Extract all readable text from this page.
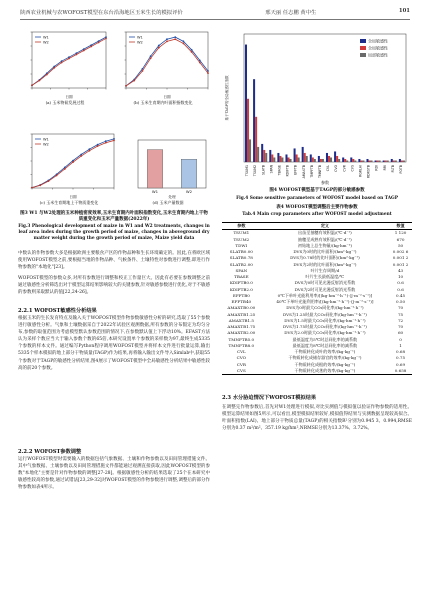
陕西农业机械与农WOFOST模型在东台沿海地区玉米生长的模拟评价	邢天丽 任志鹏 黄中生	101
W1
W2
日期
(a) 玉米物候发展过程
W1
W2
日期
(b) 玉米生育期内叶面积指数变化
W1
W2
日期
(c) 玉米生育期地上干物质重变化
W1	W2
处理
(d) 玉米产量数据
图3 W1 与W2处理的玉米种植密度效率,玉米生育期内叶面积指数变化,玉米生育期内地上干物质重变化和玉米产量数据(2022年)
Fig.3 Phenological development of maize in W1 and W2 treatments, changes in leaf area index during the growth period of maize, changes in aboveground dry matter weight during the growth period of maize, Maize yield data
中数认的作物参数大多是根据欧洲主要粮食产区的作物品种和生长环境确定的。因此,在将欧区域使用WOFOST模型之前,要根据当地的作物品种、气候条件、土壤特性对参数进行调整,即进行作物参数的"本地化"[23]。
WOFOST模型的参数众多,对所有参数进行调整和校正工作量巨大。因此有必要在参数调整之前通过敏感性分析筛选出对于模型运算结果影响较大的关键参数,针对敏感参数进行优化,对于不敏感的参数则采取默认的值[22,24-26]。
2.2.1 WOFOST敏感性分析结果
根据玉米的生长发育特点及输入关于WOFOST模型作物参数敏感性分析的研究,选取了55个参数进行敏感性分析。气象和土壤数据采自于2022年试验区观测数据,所有参数的分布假定为均匀分布,参数的取值范围为考虑模型默认参数范围的情况下,在参数默认值上下浮动10%。EFAST方法认为采样个数应当大于输入参数个数的65倍,本研究设置单个参数的采样数为97,最终生成5335个参数的样本文件。通过编写Python程序调用WOFOST模型并将样本文件进行批量运算,输出5335个样本模拟的地上部分干物质量(TAGP)作为结果,再将输入输出文件导入Simlab中,获取55个参数对于TAGP的敏感性分析结果,图4展示了WOFOST模型中全局敏感性分析结果中敏感性较高的前20个参数。
2.2.2 WOFOST参数调整
运行WOFOST模型时需要输入的数据包括气象数据、土壤和作物参数以及田间管理措施文件。其中气象数据、土壤参数以及田间管理措施文件都能通过观测直接获取,因此WOFOST模型的参数"本地化"主要是针对作物参数的调整[27-28]。根据敏感性分析的结果选取了25个在本研究中敏感性较高的参数,通过试错法[23,29-32]对WOFOST模型的作物参数进行调整,调整后的部分作物参数如表4所示。
TSUM1 TSUM2 SLATB SPAN TBASE KDIFTB EFFTB AMAXTB TMPFTB TMNFTB CVL CVO CVR CVS RGRLAI RDRSTB RDI RRI FLTB FOTB
全局敏感性
全局敏感性
局部敏感性
参数
基于TAGP的全局敏感性指数
图4 WOFOST模型基于TAGP的部分敏感参数
Fig.4 Some sensitive parameters of WOFOST model based on TAGP
表4 WOFOST模型调整后主要作物参数
Tab.4 Main crop parameters after WOFOST model adjustment
参数	定义	数值
TSUM1	出苗至抽穗有效积温/(℃·d⁻¹)	1 120
TSUM2	抽穗至成熟有效积温/(℃·d⁻¹)	670
TDWI	初始地上总生物量/(kg·hm⁻²)	50
SLATB0.00	DVS为0时的比叶面积/(hm²·kg⁻¹)	0.002 6
SLATB0.78	DVS为0.78时的比叶面积/(hm²·kg⁻¹)	0.001 2
SLATB2.00	DVS为2时的比叶面积/(hm²·kg⁻¹)	0.001 2
SPAN	叶片生存周期/d	43
TBASE	叶片生长最低温度/℃	10
KDIFTB0.0	DVS为0时可见光漫反射消光系数	0.6
KDIFTB2.0	DVS为2时可见光漫反射消光系数	0.6
EFFTB0	0℃下单叶光能利用率/[(kg·hm⁻²·h⁻¹)·(J·m⁻²·s⁻¹)]	0.45
EFFTB40	40℃下单叶光能利用率/[(kg·hm⁻²·h⁻¹)·(J·m⁻²·s⁻¹)]	0.50
AMAXTB0.00	DVS为0时最大CO₂同化率/(kg·hm⁻²·h⁻¹)	70
AMAXTB1.25	DVS为1.25时最大CO₂同化率/(kg·hm⁻²·h⁻¹)	75
AMAXTB1.5	DVS为1.5时最大CO₂同化率/(kg·hm⁻²·h⁻¹)	72
AMAXTB1.75	DVS为1.75时最大CO₂同化率/(kg·hm⁻²·h⁻¹)	70
AMAXTB2.00	DVS为2.0时最大CO₂同化率/(kg·hm⁻²·h⁻¹)	60
TMNFTB5.0	最低温度为5℃时总同化率的减系数	0
TMNFTB8.0	最低温度为8℃时总同化率的减系数	1
CVL	干物质转化成叶的效率/(kg·kg⁻¹)	0.68
CVO	干物质转化成储存器官的效率/(kg·kg⁻¹)	0.75
CVR	干物质转化成根的效率/(kg·kg⁻¹)	0.69
CVS	干物质转化成茎的效率/(kg·kg⁻¹)	0.658
2.3 水分胁迫情况下WOFOST模拟结果
在调整完作物参数后,首先对W1处理进行模拟,对比实测值与模拟值以验证作物参数的适用性。模型运算结果如图5所示,可以看出,模型模拟结果较好,模拟值得结果与实测数据呈现较高拟合。叶面积指数(LAI)、地上部分干物质总量(TAGP)的相关指数R²分别为0.945 3、0.994,RMSE分别为0.37 m²/m²、357.19 kg/hm²,NRMSE分别为13.37%、3.72%。
